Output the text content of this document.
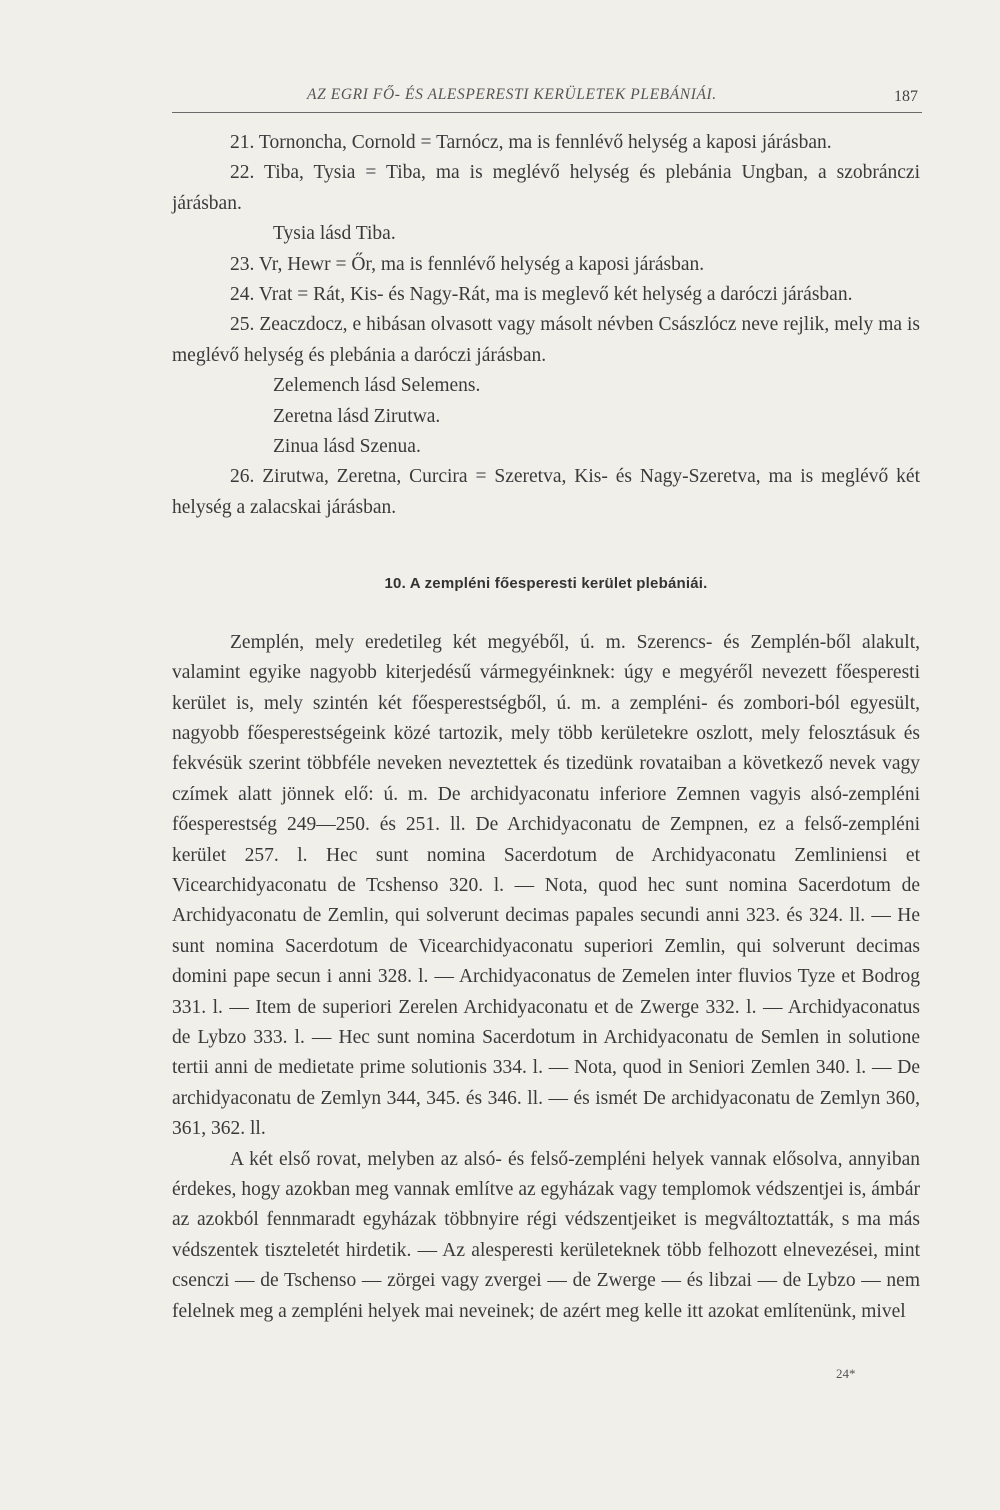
AZ EGRI FŐ- ÉS ALESPERESTI KERÜLETEK PLEBÁNIÁI.	187

21. Tornoncha, Cornold = Tarnócz, ma is fennlévő helység a kaposi járásban.

22. Tiba, Tysia = Tiba, ma is meglévő helység és plebánia Ungban, a szobránczi járásban.

Tysia lásd Tiba.

23. Vr, Hewr = Őr, ma is fennlévő helység a kaposi járásban.

24. Vrat = Rát, Kis- és Nagy-Rát, ma is meglevő két helység a daróczi járásban.

25. Zeaczdocz, e hibásan olvasott vagy másolt névben Császlócz neve rejlik, mely ma is meglévő helység és plebánia a daróczi járásban.

Zelemench lásd Selemens.

Zeretna lásd Zirutwa.

Zinua lásd Szenua.

26. Zirutwa, Zeretna, Curcira = Szeretva, Kis- és Nagy-Szeretva, ma is meglévő két helység a zalacskai járásban.

10. A zempléni főesperesti kerület plebániái.

Zemplén, mely eredetileg két megyéből, ú. m. Szerencs- és Zemplén-ből alakult, valamint egyike nagyobb kiterjedésű vármegyéinknek: úgy e megyéről nevezett főesperesti kerület is, mely szintén két főesperestségből, ú. m. a zempléni- és zombori-ból egyesült, nagyobb főesperestségeink közé tartozik, mely több kerületekre oszlott, mely felosztásuk és fekvésük szerint többféle neveken neveztettek és tizedünk rovataiban a következő nevek vagy czímek alatt jönnek elő: ú. m. De archidyaconatu inferiore Zemnen vagyis alsó-zempléni főesperestség 249—250. és 251. ll. De Archidyaconatu de Zempnen, ez a felső-zempléni kerület 257. l. Hec sunt nomina Sacerdotum de Archidyaconatu Zemliniensi et Vicearchidyaconatu de Tcshenso 320. l. — Nota, quod hec sunt nomina Sacerdotum de Archidyaconatu de Zemlin, qui solverunt decimas papales secundi anni 323. és 324. ll. — He sunt nomina Sacerdotum de Vicearchidyaconatu superiori Zemlin, qui solverunt decimas domini pape secun i anni 328. l. — Archidyaconatus de Zemelen inter fluvios Tyze et Bodrog 331. l. — Item de superiori Zerelen Archidyaconatu et de Zwerge 332. l. — Archidyaconatus de Lybzo 333. l. — Hec sunt nomina Sacerdotum in Archidyaconatu de Semlen in solutione tertii anni de medietate prime solutionis 334. l. — Nota, quod in Seniori Zemlen 340. l. — De archidyaconatu de Zemlyn 344, 345. és 346. ll. — és ismét De archidyaconatu de Zemlyn 360, 361, 362. ll.

A két első rovat, melyben az alsó- és felső-zempléni helyek vannak elősolva, annyiban érdekes, hogy azokban meg vannak említve az egyházak vagy templomok védszentjei is, ámbár az azokból fennmaradt egyházak többnyire régi védszentjeiket is megváltoztatták, s ma más védszentek tiszteletét hirdetik. — Az alesperesti kerületeknek több felhozott elnevezései, mint csenczi — de Tschenso — zörgei vagy zvergei — de Zwerge — és libzai — de Lybzo — nem felelnek meg a zempléni helyek mai neveinek; de azért meg kelle itt azokat említenünk, mivel

24*
